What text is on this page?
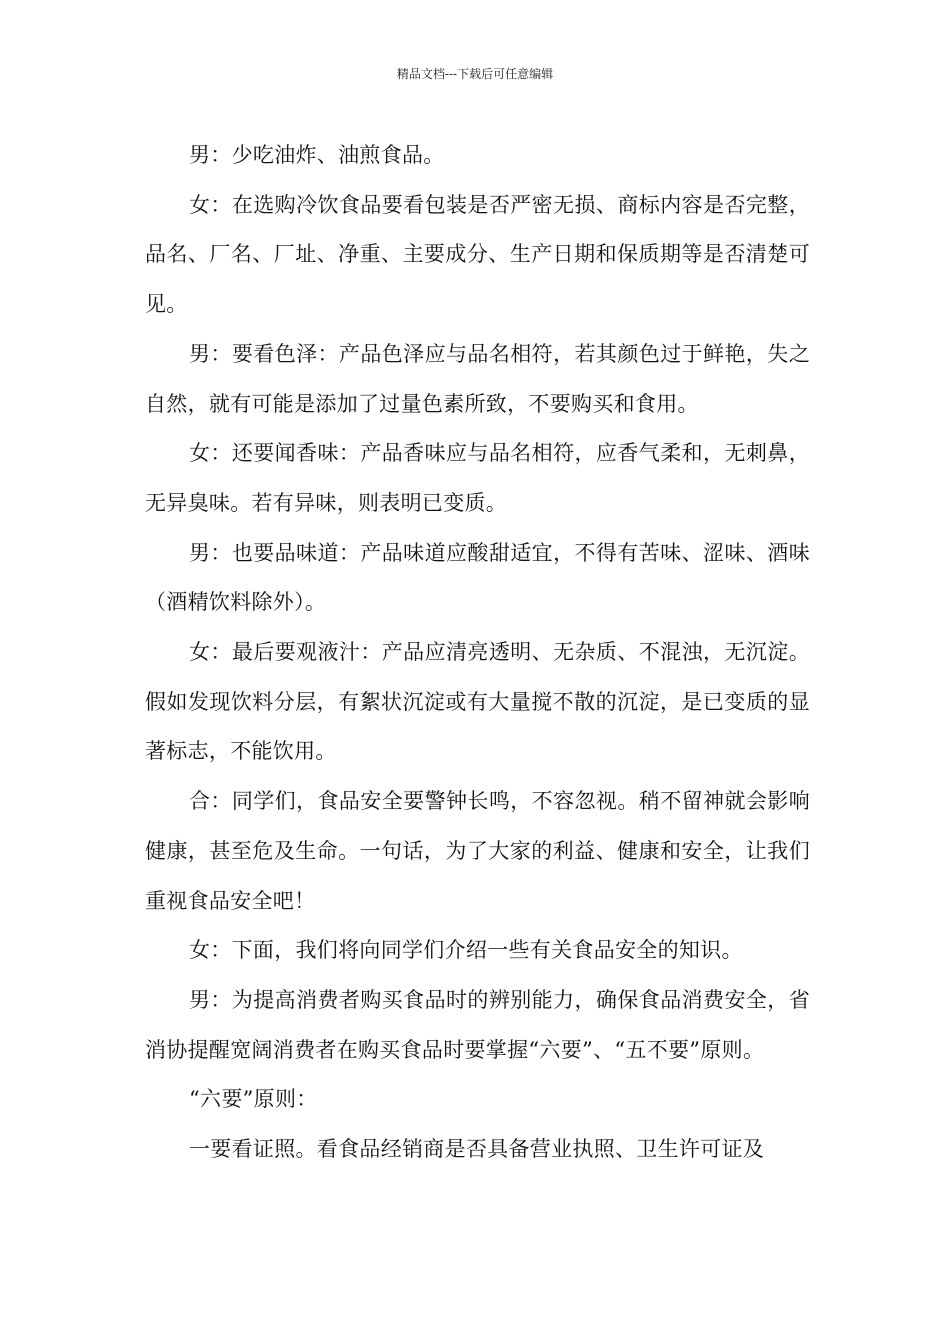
精品文档---下载后可任意编辑

男：少吃油炸、油煎食品。

女：在选购冷饮食品要看包装是否严密无损、商标内容是否完整，品名、厂名、厂址、净重、主要成分、生产日期和保质期等是否清楚可见。

男：要看色泽：产品色泽应与品名相符，若其颜色过于鲜艳，失之自然，就有可能是添加了过量色素所致，不要购买和食用。

女：还要闻香味：产品香味应与品名相符，应香气柔和，无刺鼻，无异臭味。若有异味，则表明已变质。

男：也要品味道：产品味道应酸甜适宜，不得有苦味、涩味、酒味（酒精饮料除外）。

女：最后要观液汁：产品应清亮透明、无杂质、不混浊，无沉淀。假如发现饮料分层，有絮状沉淀或有大量搅不散的沉淀，是已变质的显著标志，不能饮用。

合：同学们，食品安全要警钟长鸣，不容忽视。稍不留神就会影响健康，甚至危及生命。一句话，为了大家的利益、健康和安全，让我们重视食品安全吧！

女：下面，我们将向同学们介绍一些有关食品安全的知识。

男：为提高消费者购买食品时的辨别能力，确保食品消费安全，省消协提醒宽阔消费者在购买食品时要掌握“六要”、“五不要”原则。

“六要”原则：

一要看证照。看食品经销商是否具备营业执照、卫生许可证及
